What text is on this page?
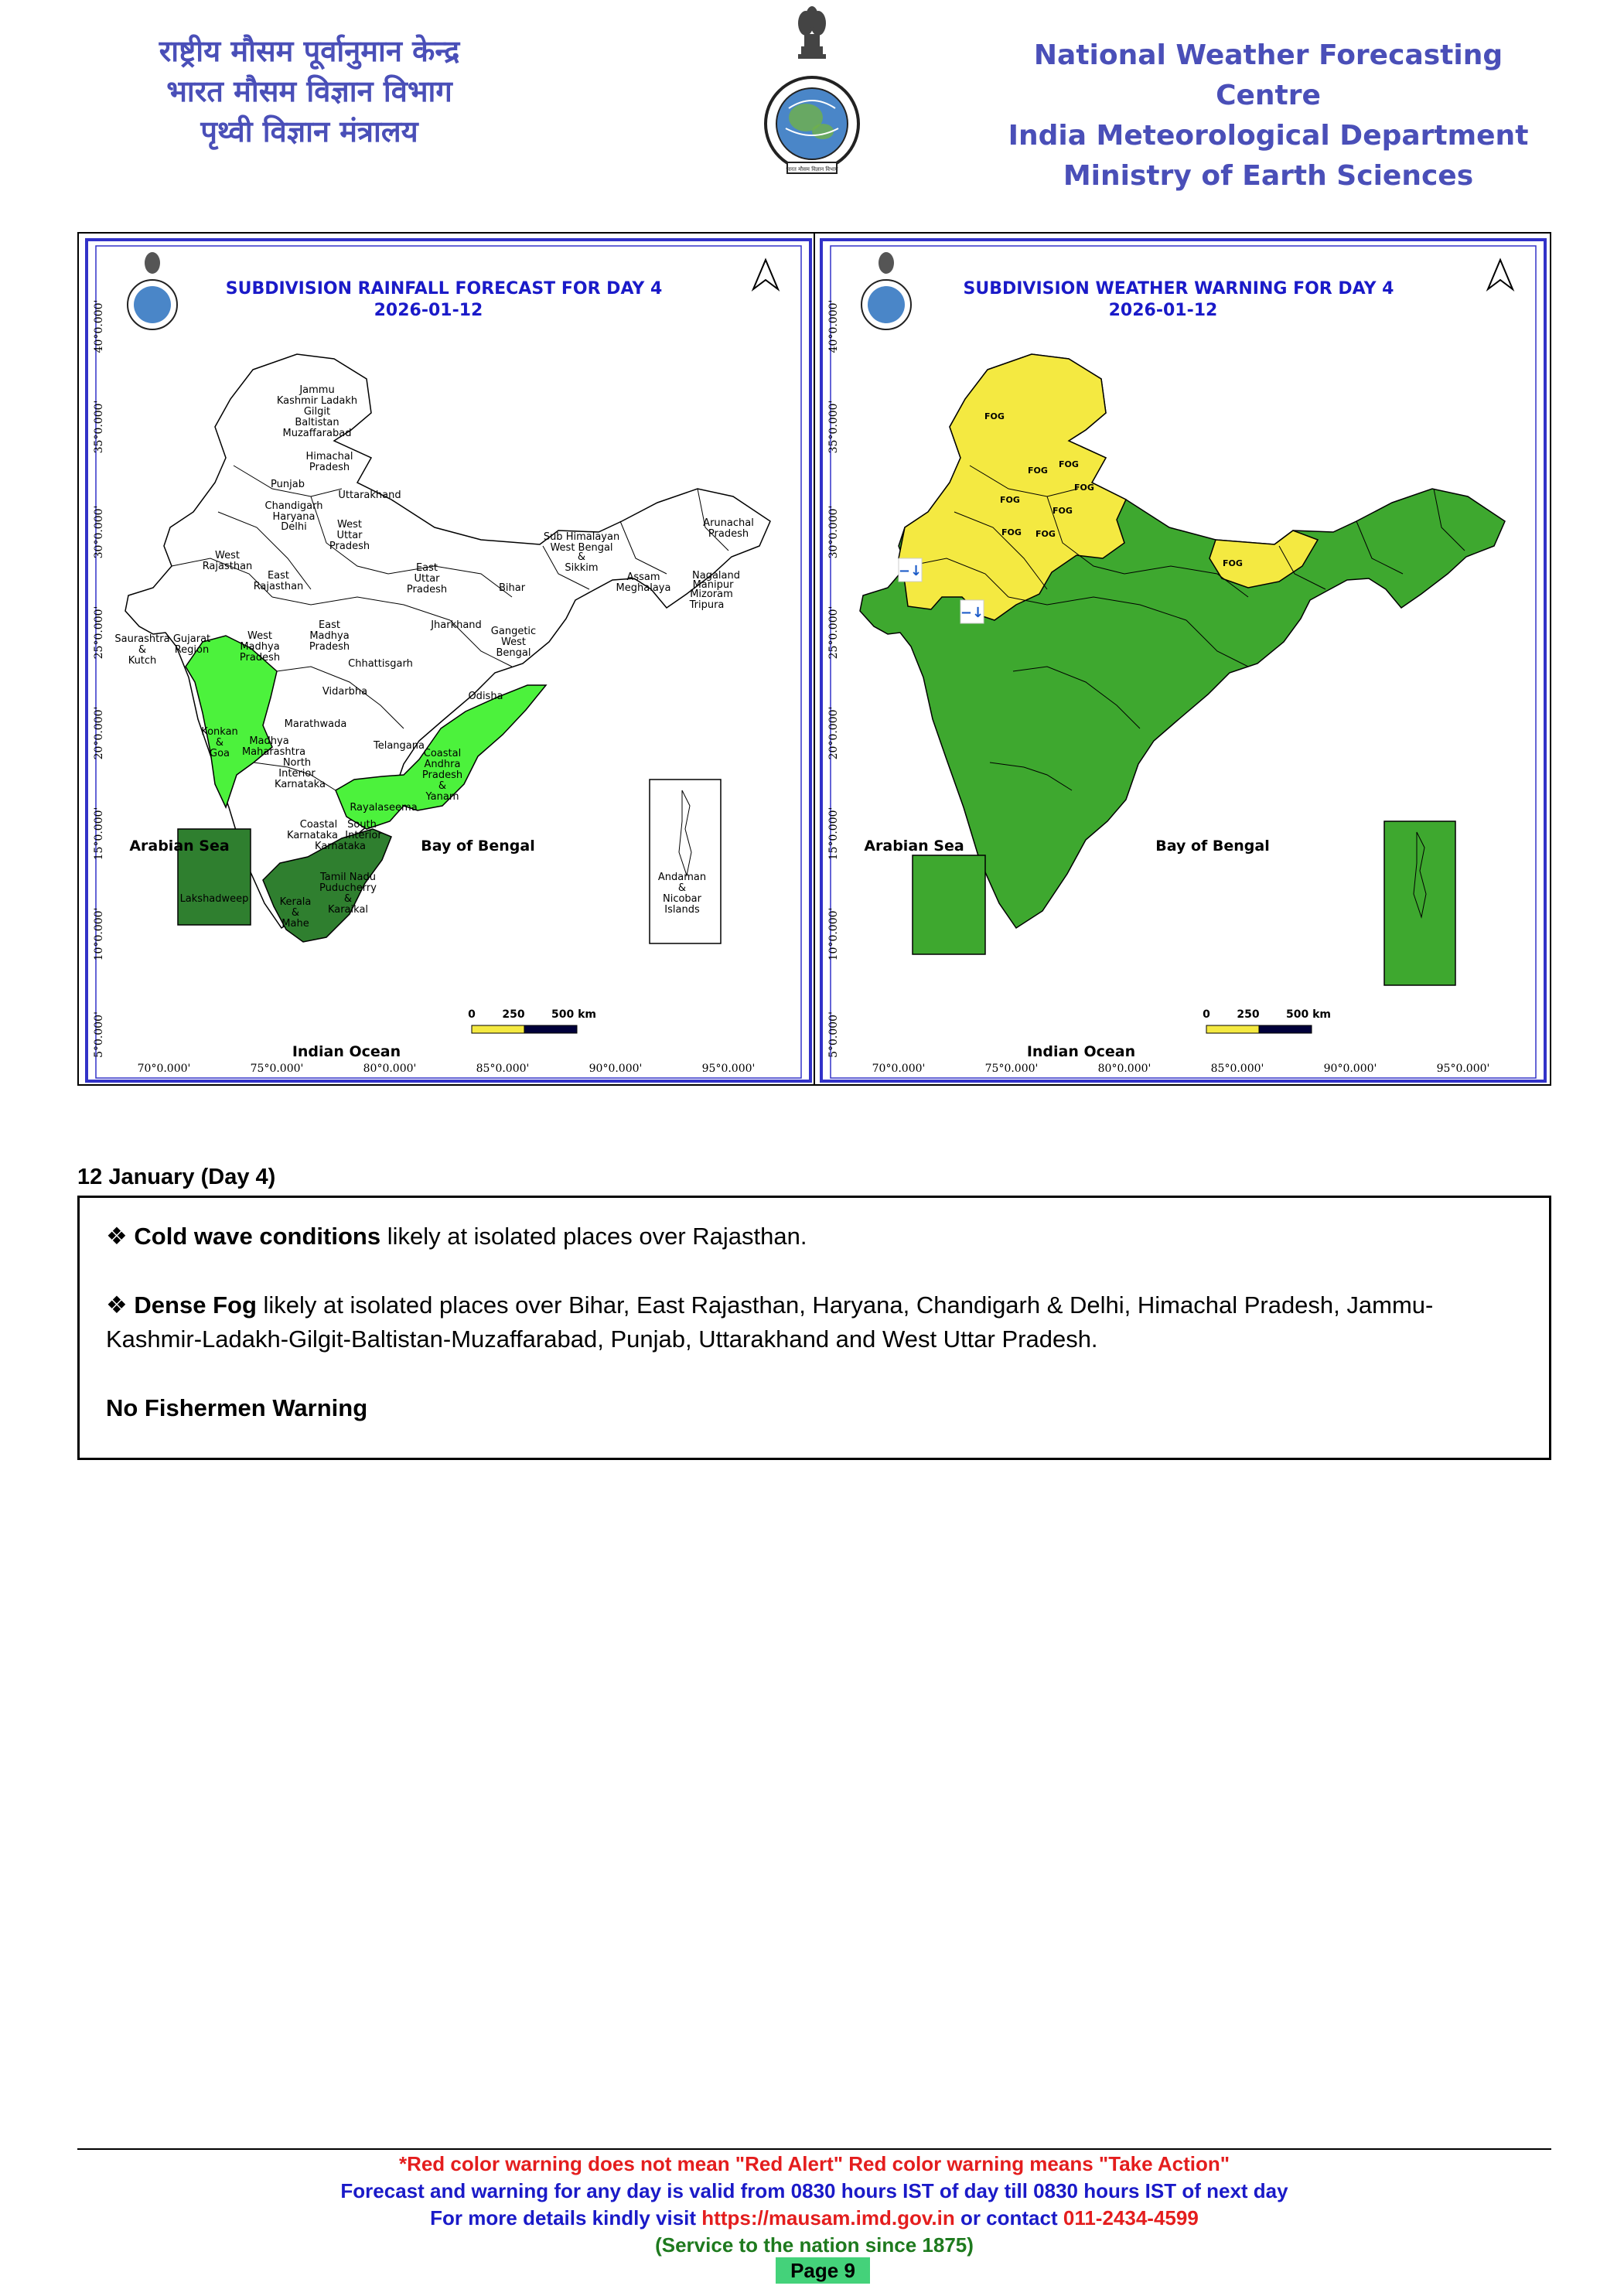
राष्ट्रीय मौसम पूर्वानुमान केन्द्र
भारत मौसम विज्ञान विभाग
पृथ्वी विज्ञान मंत्रालय
भारत मौसम विज्ञान विभाग
National Weather Forecasting Centre
India Meteorological Department
Ministry of Earth Sciences
SUBDIVISION RAINFALL FORECAST FOR DAY 4
2026-01-12
Jammu
Kashmir Ladakh
Gilgit
Baltistan
Muzaffarabad
Himachal
Pradesh
Punjab
Uttarakhand
Chandigarh
Haryana
Delhi	West
Uttar
Pradesh
West
Rajasthan
East
Rajasthan
East
Uttar
Pradesh	Bihar
Sub Himalayan
West Bengal
&
Sikkim
Arunachal
Pradesh
Assam
Meghalaya
Nagaland
Manipur
Mizoram
Tripura
Saurashtra
&
Kutch
Gujarat
Region
West
Madhya
Pradesh
East
Madhya
Pradesh
Jharkhand
Gangetic
West
Bengal
Chhattisgarh
Odisha
Vidarbha
Marathwada
Konkan
&
Goa
Madhya
Maharashtra
North
Interior
Karnataka
Telangana
Coastal
Andhra
Pradesh
&
Yanam
Rayalaseema
Coastal
Karnataka
South
Interior
Karnataka
Tamil Nadu
Puducherry
&
Karaikal
Kerala
&
Mahe
Lakshadweep
Andaman
&
Nicobar
Islands
Arabian Sea	Bay of Bengal
Indian Ocean
0 250 500 km
70°0.000'	75°0.000'	80°0.000'	85°0.000'	90°0.000'	95°0.000'
40°0.000'
35°0.000'
30°0.000'
25°0.000'
20°0.000'
15°0.000'
10°0.000'
5°0.000'
SUBDIVISION WEATHER WARNING FOR DAY 4
2026-01-12
FOG
FOG
FOG
FOG
FOG
FOG
FOG FOG
FOG
−↓
−↓
Arabian Sea	Bay of Bengal
Indian Ocean
0 250 500 km
70°0.000'	75°0.000'	80°0.000'	85°0.000'	90°0.000'	95°0.000'
40°0.000'
35°0.000'
30°0.000'
25°0.000'
20°0.000'
15°0.000'
10°0.000'
5°0.000'
12 January (Day 4)
❖ Cold wave conditions likely at isolated places over Rajasthan.
❖ Dense Fog likely at isolated places over Bihar, East Rajasthan, Haryana, Chandigarh & Delhi, Himachal Pradesh, Jammu-Kashmir-Ladakh-Gilgit-Baltistan-Muzaffarabad, Punjab, Uttarakhand and West Uttar Pradesh.
No Fishermen Warning
*Red color warning does not mean "Red Alert" Red color warning means "Take Action"
Forecast and warning for any day is valid from 0830 hours IST of day till 0830 hours IST of next day
For more details kindly visit https://mausam.imd.gov.in or contact 011-2434-4599
(Service to the nation since 1875)
Page 9
